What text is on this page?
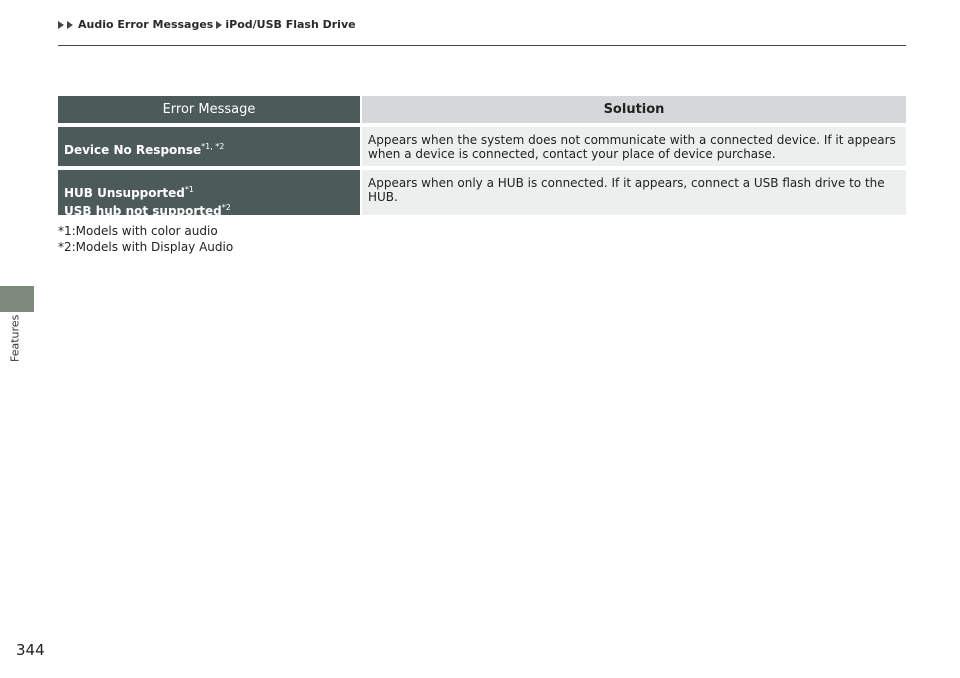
Audio Error Messages iPod/USB Flash Drive
Features
Error Message	Solution
Device No Response$^{*1, *2}$	Appears when the system does not communicate with a connected device. If it appears when a device is connected, contact your place of device purchase.
HUB Unsupported$^{*1}$
USB hub not supported$^{*2}$
Appears when only a HUB is connected. If it appears, connect a USB flash drive to the HUB.
*1:Models with color audio
*2:Models with Display Audio
344
